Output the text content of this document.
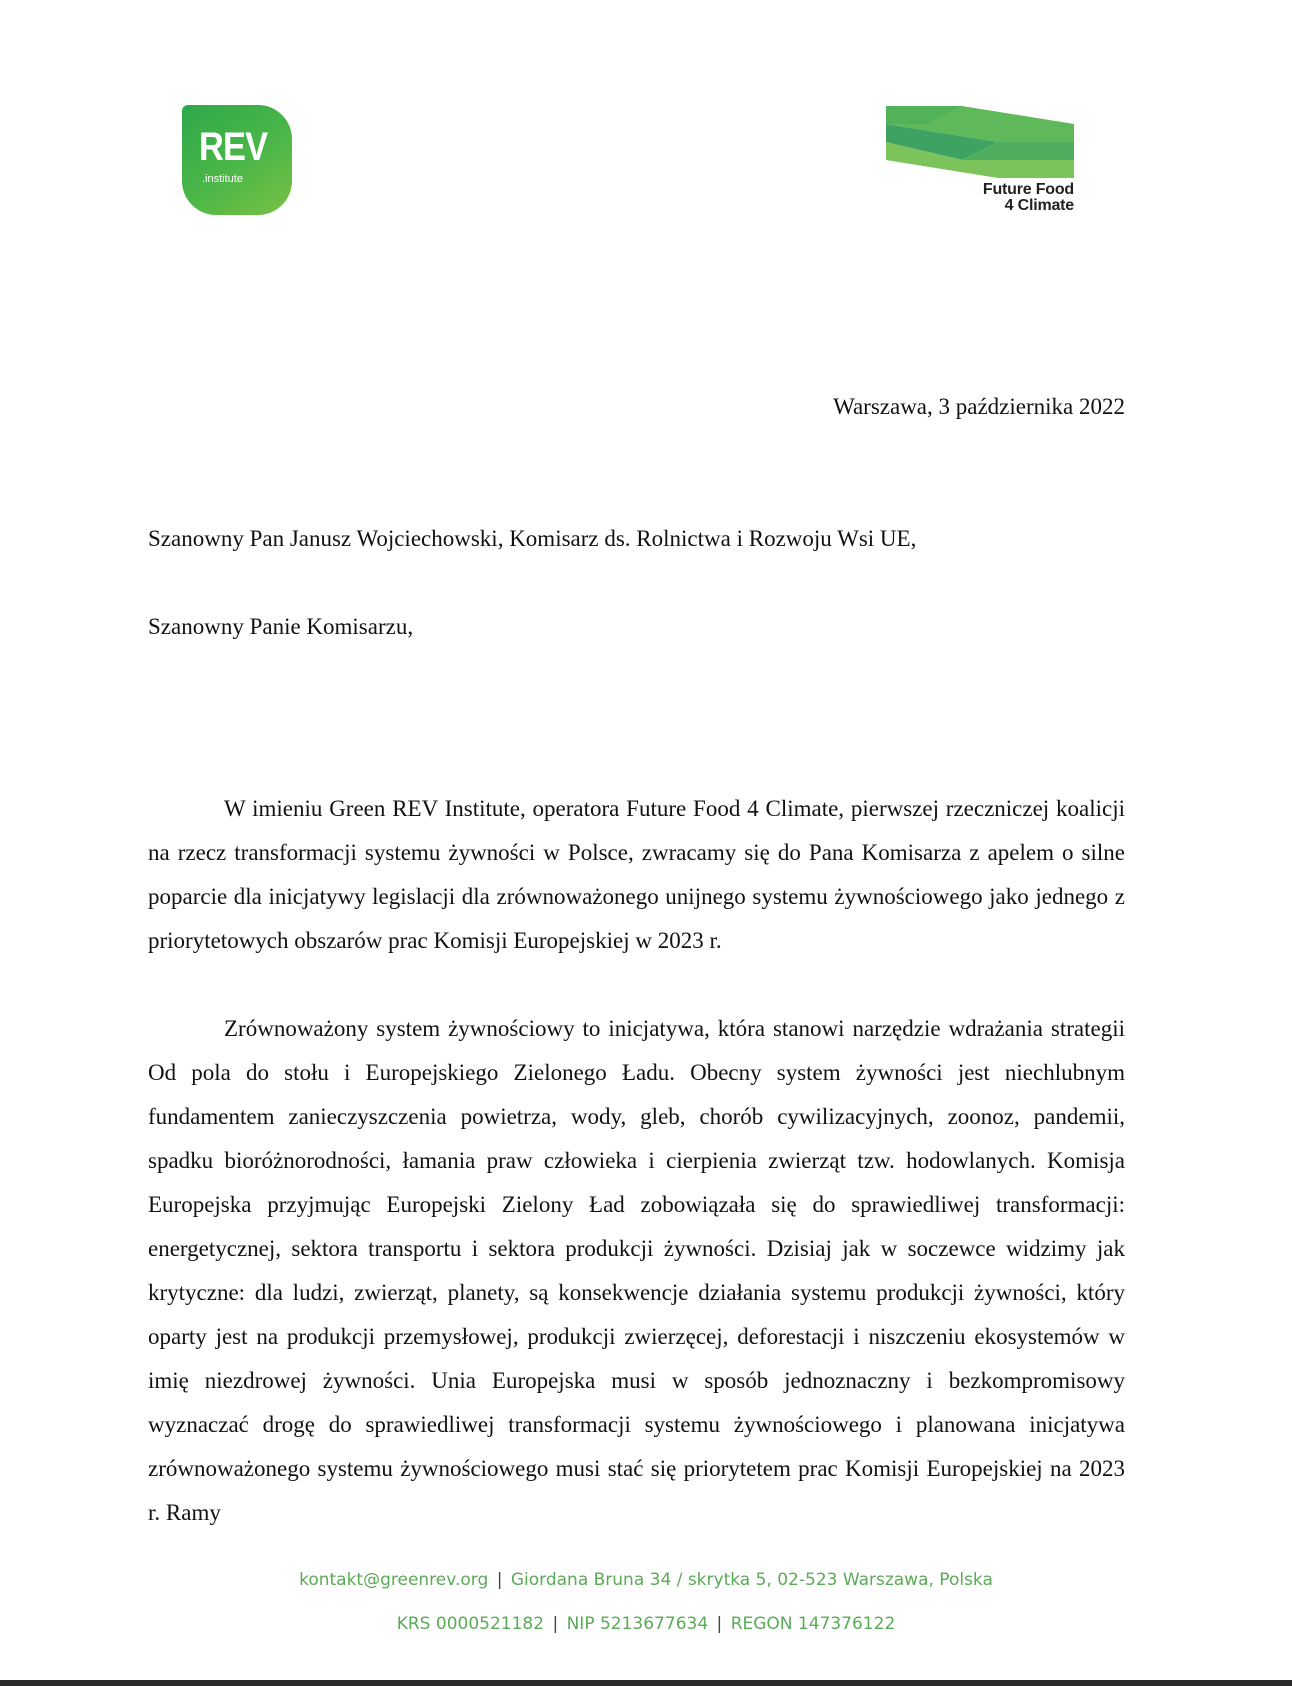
REV
.institute
Future Food
4 Climate
Warszawa, 3 października 2022
Szanowny Pan Janusz Wojciechowski, Komisarz ds. Rolnictwa i Rozwoju Wsi UE,
Szanowny Panie Komisarzu,

W imieniu Green REV Institute, operatora Future Food 4 Climate, pierwszej rzeczniczej koalicji na rzecz transformacji systemu żywności w Polsce, zwracamy się do Pana Komisarza z apelem o silne poparcie dla inicjatywy legislacji dla zrównoważonego unijnego systemu żywnościowego jako jednego z priorytetowych obszarów prac Komisji Europejskiej w 2023 r.

Zrównoważony system żywnościowy to inicjatywa, która stanowi narzędzie wdrażania strategii Od pola do stołu i Europejskiego Zielonego Ładu. Obecny system żywności jest niechlubnym fundamentem zanieczyszczenia powietrza, wody, gleb, chorób cywilizacyjnych, zoonoz, pandemii, spadku bioróżnorodności, łamania praw człowieka i cierpienia zwierząt tzw. hodowlanych. Komisja Europejska przyjmując Europejski Zielony Ład zobowiązała się do sprawiedliwej transformacji: energetycznej, sektora transportu i sektora produkcji żywności. Dzisiaj jak w soczewce widzimy jak krytyczne: dla ludzi, zwierząt, planety, są konsekwencje działania systemu produkcji żywności, który oparty jest na produkcji przemysłowej, produkcji zwierzęcej, deforestacji i niszczeniu ekosystemów w imię niezdrowej żywności. Unia Europejska musi w sposób jednoznaczny i bezkompromisowy wyznaczać drogę do sprawiedliwej transformacji systemu żywnościowego i planowana inicjatywa zrównoważonego systemu żywnościowego musi stać się priorytetem prac Komisji Europejskiej na 2023 r. Ramy

kontakt@greenrev.org | Giordana Bruna 34 / skrytka 5, 02-523 Warszawa, Polska
KRS 0000521182 | NIP 5213677634 | REGON 147376122
